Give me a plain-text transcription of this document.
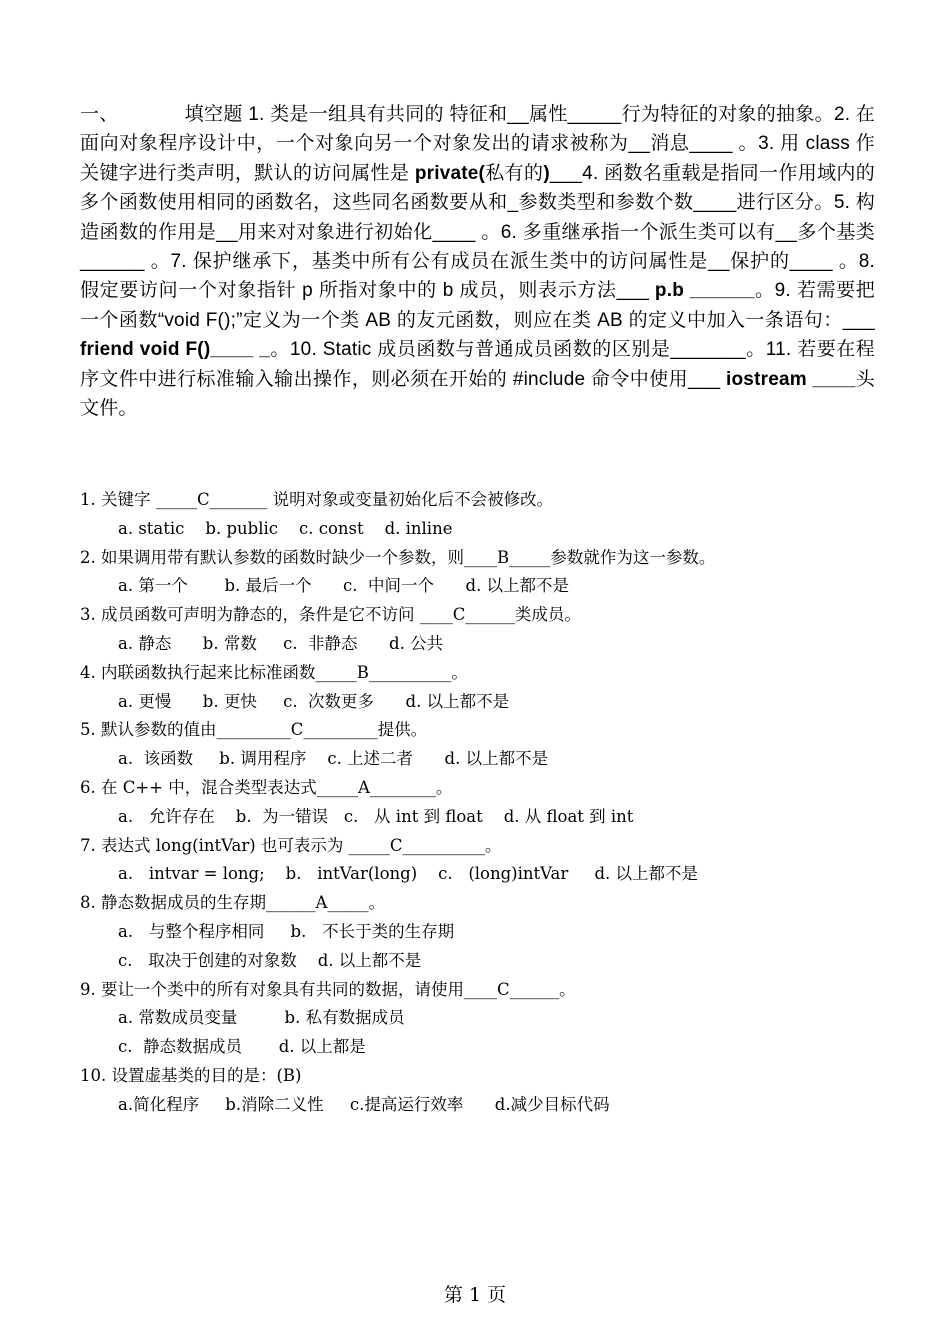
一、	填空题 1. 类是一组具有共同的 特征和__属性_____行为特征的对象的抽象。2. 在面向对象程序设计中，一个对象向另一个对象发出的请求被称为__消息____ 。3. 用 class 作关键字进行类声明，默认的访问属性是 private(私有的)___4. 函数名重载是指同一作用域内的多个函数使用相同的函数名，这些同名函数要从和_参数类型和参数个数____进行区分。5. 构造函数的作用是__用来对对象进行初始化____ 。6. 多重继承指一个派生类可以有__多个基类______ 。7. 保护继承下，基类中所有公有成员在派生类中的访问属性是__保护的____ 。8. 假定要访问一个对象指针 p 所指对象中的 b 成员，则表示方法___ p.b ______。9. 若需要把一个函数“void F();”定义为一个类 AB 的友元函数，则应在类 AB 的定义中加入一条语句：___ friend void F()____ _。10. Static 成员函数与普通成员函数的区别是_______。11. 若要在程序文件中进行标准输入输出操作，则必须在开始的 #include 命令中使用___ iostream ____头文件。
1. 关键字 _____C_______ 说明对象或变量初始化后不会被修改。
a. static    b. public    c. const    d. inline
2. 如果调用带有默认参数的函数时缺少一个参数，则____B_____参数就作为这一参数。
a. 第一个       b. 最后一个      c.  中间一个      d. 以上都不是
3. 成员函数可声明为静态的，条件是它不访问 ____C______类成员。
a. 静态      b. 常数     c.  非静态      d. 公共
4. 内联函数执行起来比标准函数_____B__________。
a. 更慢      b. 更快     c.  次数更多      d. 以上都不是
5. 默认参数的值由_________C_________提供。
a.  该函数     b. 调用程序    c. 上述二者      d. 以上都不是
6. 在 C++ 中，混合类型表达式_____A________。
a.   允许存在    b.  为一错误   c.   从 int 到 float    d. 从 float 到 int
7. 表达式 long(intVar) 也可表示为 _____C__________。
a.   intvar = long;    b.   intVar(long)    c.   (long)intVar     d. 以上都不是
8. 静态数据成员的生存期______A_____。
a.   与整个程序相同     b.   不长于类的生存期
c.   取决于创建的对象数    d. 以上都不是
9. 要让一个类中的所有对象具有共同的数据，请使用____C______。
a. 常数成员变量         b. 私有数据成员
c.  静态数据成员       d. 以上都是
10. 设置虚基类的目的是：(B)
a.简化程序     b.消除二义性     c.提高运行效率      d.减少目标代码
第 1 页
